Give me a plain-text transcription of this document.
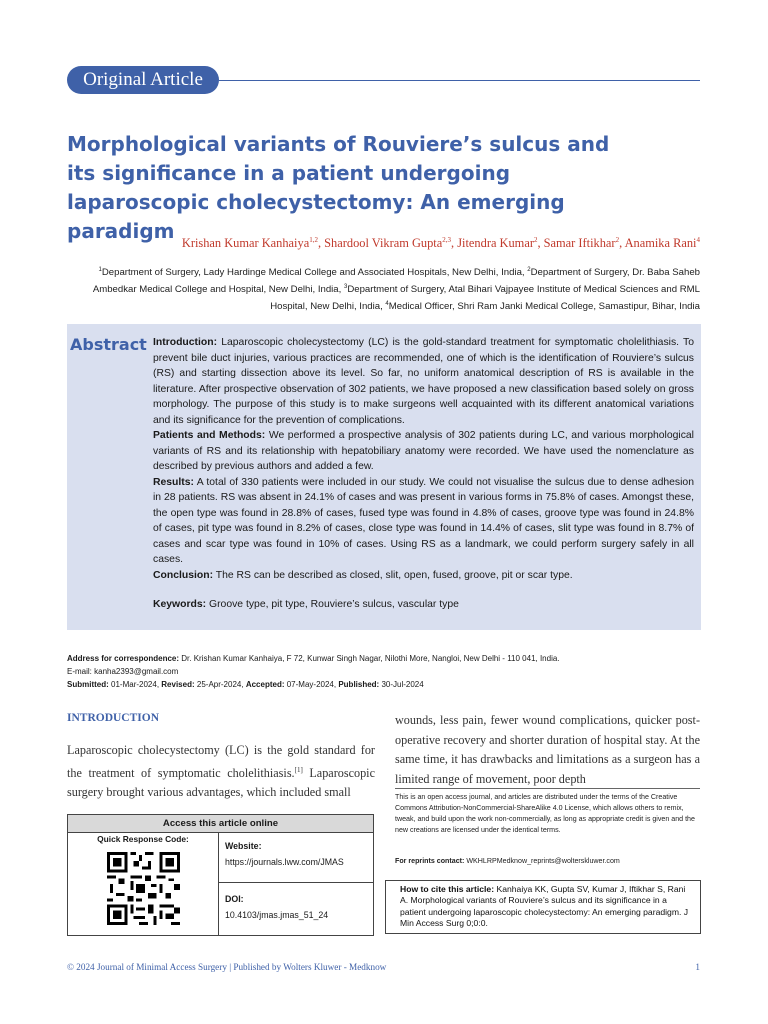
Original Article
Morphological variants of Rouviere’s sulcus and its significance in a patient undergoing laparoscopic cholecystectomy: An emerging paradigm
Krishan Kumar Kanhaiya$^{1,2}$, Shardool Vikram Gupta$^{2,3}$, Jitendra Kumar$^2$, Samar Iftikhar$^2$, Anamika Rani$^4$
$^1$Department of Surgery, Lady Hardinge Medical College and Associated Hospitals, New Delhi, India, $^2$Department of Surgery, Dr. Baba Saheb Ambedkar Medical College and Hospital, New Delhi, India, $^3$Department of Surgery, Atal Bihari Vajpayee Institute of Medical Sciences and RML Hospital, New Delhi, India, $^4$Medical Officer, Shri Ram Janki Medical College, Samastipur, Bihar, India
Abstract Introduction: Laparoscopic cholecystectomy (LC) is the gold-standard treatment for symptomatic cholelithiasis. To prevent bile duct injuries, various practices are recommended, one of which is the identification of Rouviere’s sulcus (RS) and starting dissection above its level. So far, no uniform anatomical description of RS is available in the literature. After prospective observation of 302 patients, we have proposed a new classification based solely on gross morphology. The purpose of this study is to make surgeons well acquainted with its different anatomical variations and its significance for the prevention of complications.

Patients and Methods: We performed a prospective analysis of 302 patients during LC, and various morphological variants of RS and its relationship with hepatobiliary anatomy were recorded. We have used the nomenclature as described by previous authors and added a few.

Results: A total of 330 patients were included in our study. We could not visualise the sulcus due to dense adhesion in 28 patients. RS was absent in 24.1% of cases and was present in various forms in 75.8% of cases. Amongst these, the open type was found in 28.8% of cases, fused type was found in 4.8% of cases, groove type was found in 24.8% of cases, pit type was found in 8.2% of cases, close type was found in 14.4% of cases, slit type was found in 8.7% of cases and scar type was found in 10% of cases. Using RS as a landmark, we could perform surgery safely in all cases.

Conclusion: The RS can be described as closed, slit, open, fused, groove, pit or scar type.

Keywords: Groove type, pit type, Rouviere’s sulcus, vascular type

Address for correspondence: Dr. Krishan Kumar Kanhaiya, F 72, Kunwar Singh Nagar, Nilothi More, Nangloi, New Delhi - 110 041, India.

E-mail: kanha2393@gmail.com

Submitted: 01-Mar-2024, Revised: 25-Apr-2024, Accepted: 07-May-2024, Published: 30-Jul-2024

INTRODUCTION
Laparoscopic cholecystectomy (LC) is the gold standard for the treatment of symptomatic cholelithiasis.[1] Laparoscopic surgery brought various advantages, which included small
wounds, less pain, fewer wound complications, quicker post-operative recovery and shorter duration of hospital stay. At the same time, it has drawbacks and limitations as a surgeon has a limited range of movement, poor depth
This is an open access journal, and articles are distributed under the terms of the Creative Commons Attribution-NonCommercial-ShareAlike 4.0 License, which allows others to remix, tweak, and build upon the work non-commercially, as long as appropriate credit is given and the new creations are licensed under the identical terms.
For reprints contact: WKHLRPMedknow_reprints@wolterskluwer.com
How to cite this article: Kanhaiya KK, Gupta SV, Kumar J, Iftikhar S, Rani A. Morphological variants of Rouviere’s sulcus and its significance in a patient undergoing laparoscopic cholecystectomy: An emerging paradigm. J Min Access Surg 0;0:0.
Access this article online
Quick Response Code:
Website:
https://journals.lww.com/JMAS
DOI:
10.4103/jmas.jmas_51_24
© 2024 Journal of Minimal Access Surgery | Published by Wolters Kluwer - Medknow	1
